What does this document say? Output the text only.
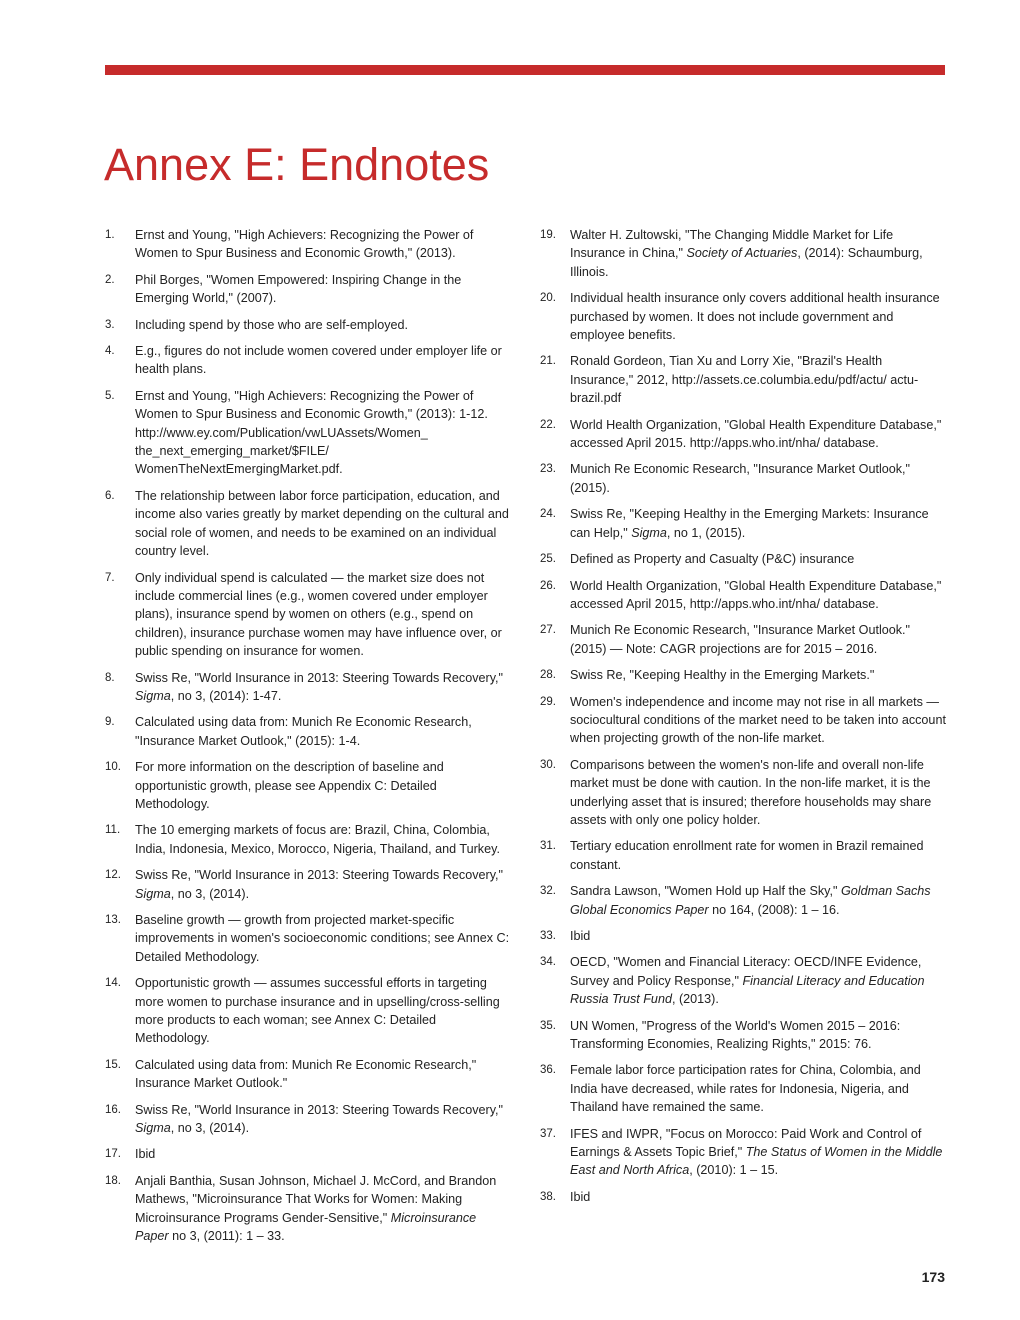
Annex E: Endnotes
1. Ernst and Young, "High Achievers: Recognizing the Power of Women to Spur Business and Economic Growth," (2013).
2. Phil Borges, "Women Empowered: Inspiring Change in the Emerging World," (2007).
3. Including spend by those who are self-employed.
4. E.g., figures do not include women covered under employer life or health plans.
5. Ernst and Young, "High Achievers: Recognizing the Power of Women to Spur Business and Economic Growth," (2013): 1-12. http://www.ey.com/Publication/vwLUAssets/Women_ the_next_emerging_market/$FILE/ WomenTheNextEmergingMarket.pdf.
6. The relationship between labor force participation, education, and income also varies greatly by market depending on the cultural and social role of women, and needs to be examined on an individual country level.
7. Only individual spend is calculated — the market size does not include commercial lines (e.g., women covered under employer plans), insurance spend by women on others (e.g., spend on children), insurance purchase women may have influence over, or public spending on insurance for women.
8. Swiss Re, "World Insurance in 2013: Steering Towards Recovery," Sigma, no 3, (2014): 1-47.
9. Calculated using data from: Munich Re Economic Research, "Insurance Market Outlook," (2015): 1-4.
10. For more information on the description of baseline and opportunistic growth, please see Appendix C: Detailed Methodology.
11. The 10 emerging markets of focus are: Brazil, China, Colombia, India, Indonesia, Mexico, Morocco, Nigeria, Thailand, and Turkey.
12. Swiss Re, "World Insurance in 2013: Steering Towards Recovery," Sigma, no 3, (2014).
13. Baseline growth — growth from projected market-specific improvements in women's socioeconomic conditions; see Annex C: Detailed Methodology.
14. Opportunistic growth — assumes successful efforts in targeting more women to purchase insurance and in upselling/cross-selling more products to each woman; see Annex C: Detailed Methodology.
15. Calculated using data from: Munich Re Economic Research," Insurance Market Outlook."
16. Swiss Re, "World Insurance in 2013: Steering Towards Recovery," Sigma, no 3, (2014).
17. Ibid
18. Anjali Banthia, Susan Johnson, Michael J. McCord, and Brandon Mathews, "Microinsurance That Works for Women: Making Microinsurance Programs Gender-Sensitive," Microinsurance Paper no 3, (2011): 1 – 33.
19. Walter H. Zultowski, "The Changing Middle Market for Life Insurance in China," Society of Actuaries, (2014): Schaumburg, Illinois.
20. Individual health insurance only covers additional health insurance purchased by women. It does not include government and employee benefits.
21. Ronald Gordeon, Tian Xu and Lorry Xie, "Brazil's Health Insurance," 2012, http://assets.ce.columbia.edu/pdf/actu/ actu-brazil.pdf
22. World Health Organization, "Global Health Expenditure Database," accessed April 2015. http://apps.who.int/nha/ database.
23. Munich Re Economic Research, "Insurance Market Outlook," (2015).
24. Swiss Re, "Keeping Healthy in the Emerging Markets: Insurance can Help," Sigma, no 1, (2015).
25. Defined as Property and Casualty (P&C) insurance
26. World Health Organization, "Global Health Expenditure Database," accessed April 2015, http://apps.who.int/nha/ database.
27. Munich Re Economic Research, "Insurance Market Outlook." (2015) — Note: CAGR projections are for 2015 – 2016.
28. Swiss Re, "Keeping Healthy in the Emerging Markets."
29. Women's independence and income may not rise in all markets — sociocultural conditions of the market need to be taken into account when projecting growth of the non-life market.
30. Comparisons between the women's non-life and overall non-life market must be done with caution. In the non-life market, it is the underlying asset that is insured; therefore households may share assets with only one policy holder.
31. Tertiary education enrollment rate for women in Brazil remained constant.
32. Sandra Lawson, "Women Hold up Half the Sky," Goldman Sachs Global Economics Paper no 164, (2008): 1 – 16.
33. Ibid
34. OECD, "Women and Financial Literacy: OECD/INFE Evidence, Survey and Policy Response," Financial Literacy and Education Russia Trust Fund, (2013).
35. UN Women, "Progress of the World's Women 2015 – 2016: Transforming Economies, Realizing Rights," 2015: 76.
36. Female labor force participation rates for China, Colombia, and India have decreased, while rates for Indonesia, Nigeria, and Thailand have remained the same.
37. IFES and IWPR, "Focus on Morocco: Paid Work and Control of Earnings & Assets Topic Brief," The Status of Women in the Middle East and North Africa, (2010): 1 – 15.
38. Ibid
173
